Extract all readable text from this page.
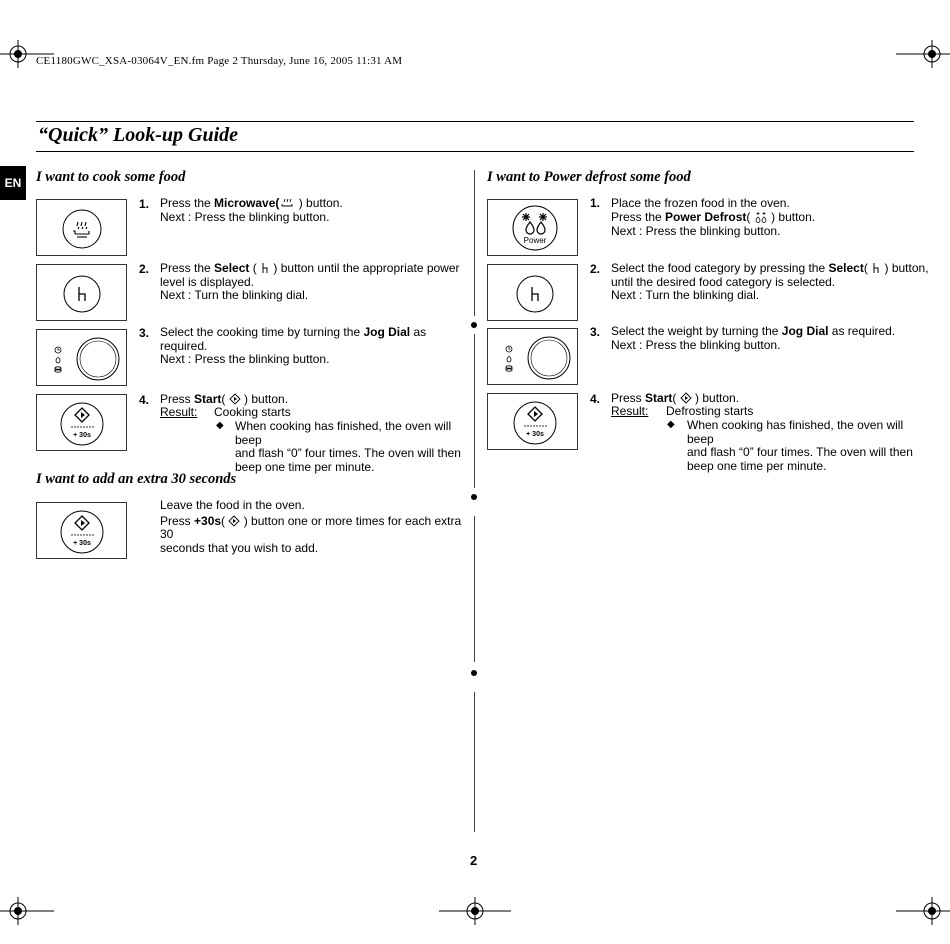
CE1180GWC_XSA-03064V_EN.fm Page 2 Thursday, June 16, 2005 11:31 AM
“Quick” Look-up Guide
EN	I want to cook some food
1. Press the Microwave( ) button.
Next : Press the blinking button.
2. Press the Select (  ) button until the appropriate power
level is displayed.
Next : Turn the blinking dial.
3. Select the cooking time by turning the Jog Dial as required.
Next : Press the blinking button.
+ 30s
4. Press Start(  ) button.
Result: Cooking starts
◆ When cooking has finished, the oven will beep
and flash “0” four times. The oven will then
beep one time per minute.
I want to add an extra 30 seconds
+ 30s
Leave the food in the oven.
Press +30s(  ) button one or more times for each extra 30
seconds that you wish to add.
I want to Power defrost some food
Power
1. Place the frozen food in the oven.
Press the Power Defrost(  ) button.
Next : Press the blinking button.
2. Select the food category by pressing the Select(  ) button,
until the desired food category is selected.
Next : Turn the blinking dial.
3. Select the weight by turning the Jog Dial as required.
Next : Press the blinking button.
+ 30s
4. Press Start(  ) button.
Result: Defrosting starts
◆ When cooking has finished, the oven will beep
and flash “0” four times. The oven will then
beep one time per minute.
2
